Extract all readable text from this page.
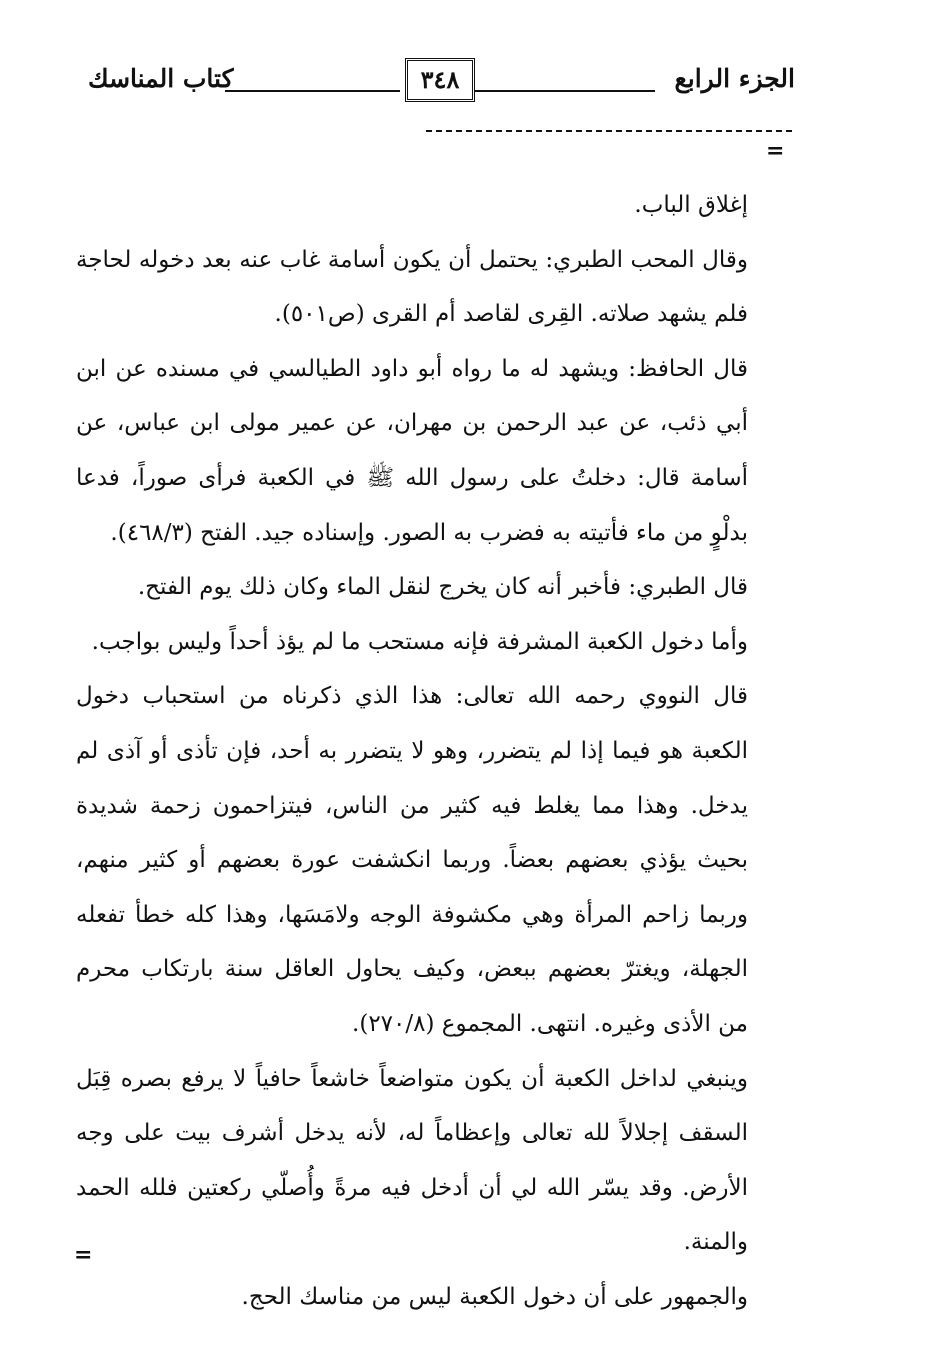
الجزء الرابع
٣٤٨
كتاب المناسك
=

إغلاق الباب.

وقال المحب الطبري: يحتمل أن يكون أسامة غاب عنه بعد دخوله لحاجة فلم يشهد صلاته. القِرى لقاصد أم القرى (ص٥٠١).

قال الحافظ: ويشهد له ما رواه أبو داود الطيالسي في مسنده عن ابن أبي ذئب، عن عبد الرحمن بن مهران، عن عمير مولى ابن عباس، عن أسامة قال: دخلتُ على رسول الله ﷺ في الكعبة فرأى صوراً، فدعا بدلْوٍ من ماء فأتيته به فضرب به الصور. وإسناده جيد. الفتح (٤٦٨/٣).

قال الطبري: فأخبر أنه كان يخرج لنقل الماء وكان ذلك يوم الفتح.

وأما دخول الكعبة المشرفة فإنه مستحب ما لم يؤذ أحداً وليس بواجب.

قال النووي رحمه الله تعالى: هذا الذي ذكرناه من استحباب دخول الكعبة هو فيما إذا لم يتضرر، وهو لا يتضرر به أحد، فإن تأذى أو آذى لم يدخل. وهذا مما يغلط فيه كثير من الناس، فيتزاحمون زحمة شديدة بحيث يؤذي بعضهم بعضاً. وربما انكشفت عورة بعضهم أو كثير منهم، وربما زاحم المرأة وهي مكشوفة الوجه ولامَسَها، وهذا كله خطأ تفعله الجهلة، ويغترّ بعضهم ببعض، وكيف يحاول العاقل سنة بارتكاب محرم من الأذى وغيره. انتهى. المجموع (٢٧٠/٨).

وينبغي لداخل الكعبة أن يكون متواضعاً خاشعاً حافياً لا يرفع بصره قِبَل السقف إجلالاً لله تعالى وإعظاماً له، لأنه يدخل أشرف بيت على وجه الأرض. وقد يسّر الله لي أن أدخل فيه مرةً وأُصلّي ركعتين فلله الحمد والمنة.

والجمهور على أن دخول الكعبة ليس من مناسك الحج.

=
